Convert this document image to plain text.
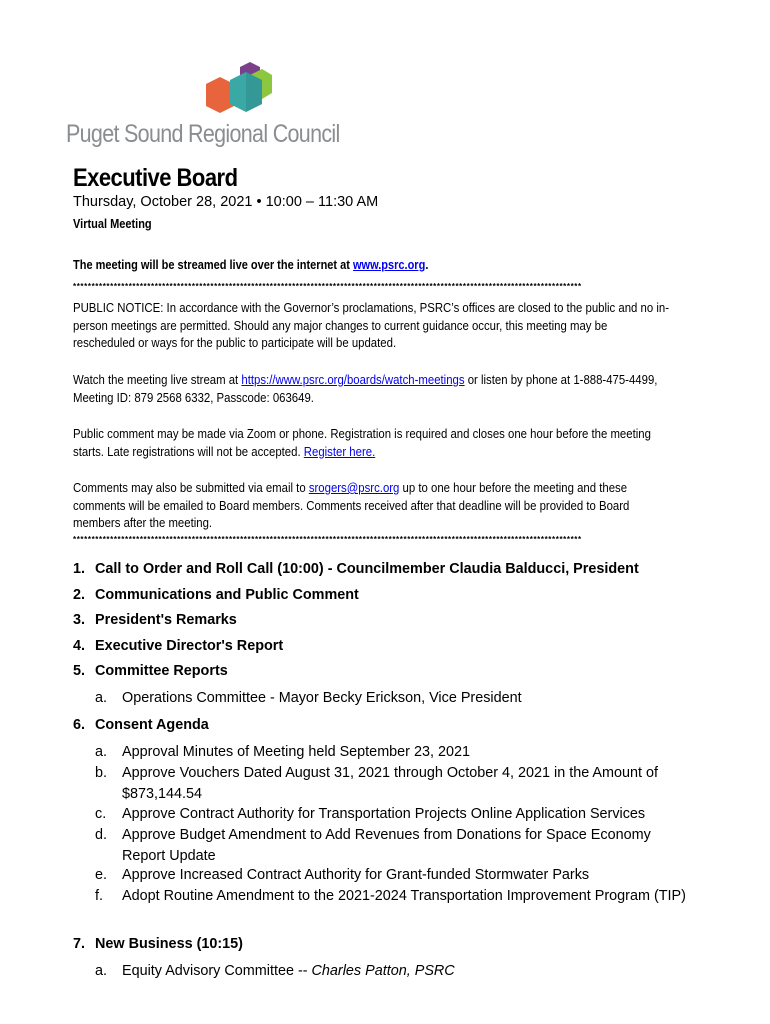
Puget Sound Regional Council
Executive Board
Thursday, October 28, 2021 • 10:00 – 11:30 AM
Virtual Meeting
The meeting will be streamed live over the internet at www.psrc.org.
*****************************************************************************************************************************************
PUBLIC NOTICE: In accordance with the Governor’s proclamations, PSRC’s offices are closed to the public and no in-person meetings are permitted. Should any major changes to current guidance occur, this meeting may be rescheduled or ways for the public to participate will be updated.
Watch the meeting live stream at https://www.psrc.org/boards/watch-meetings or listen by phone at 1-888-475-4499, Meeting ID: 879 2568 6332, Passcode: 063649.
Public comment may be made via Zoom or phone. Registration is required and closes one hour before the meeting starts. Late registrations will not be accepted. Register here.
Comments may also be submitted via email to srogers@psrc.org up to one hour before the meeting and these comments will be emailed to Board members. Comments received after that deadline will be provided to Board members after the meeting.
*****************************************************************************************************************************************
1. Call to Order and Roll Call (10:00) - Councilmember Claudia Balducci, President
2. Communications and Public Comment
3. President's Remarks
4. Executive Director's Report
5. Committee Reports
a. Operations Committee - Mayor Becky Erickson, Vice President
6. Consent Agenda
a. Approval Minutes of Meeting held September 23, 2021
b. Approve Vouchers Dated August 31, 2021 through October 4, 2021 in the Amount of $873,144.54
c. Approve Contract Authority for Transportation Projects Online Application Services
d. Approve Budget Amendment to Add Revenues from Donations for Space Economy Report Update
e. Approve Increased Contract Authority for Grant-funded Stormwater Parks
f. Adopt Routine Amendment to the 2021-2024 Transportation Improvement Program (TIP)
7. New Business (10:15)
a. Equity Advisory Committee -- Charles Patton, PSRC
